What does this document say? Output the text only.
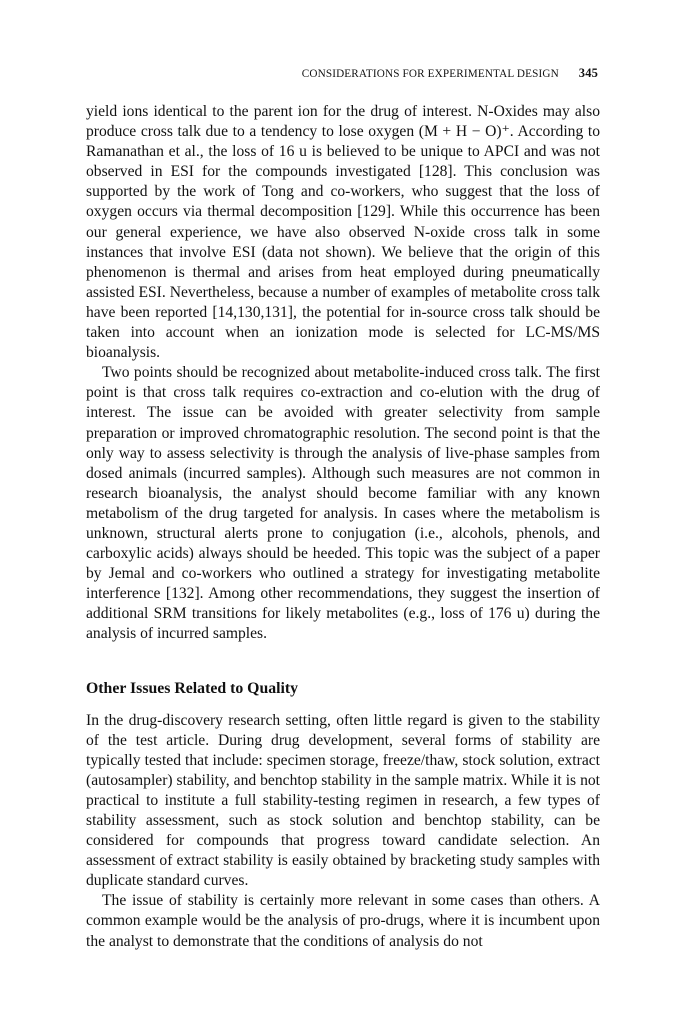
CONSIDERATIONS FOR EXPERIMENTAL DESIGN 345

yield ions identical to the parent ion for the drug of interest. N-Oxides may also produce cross talk due to a tendency to lose oxygen (M + H − O)⁺. According to Ramanathan et al., the loss of 16 u is believed to be unique to APCI and was not observed in ESI for the compounds investigated [128]. This conclusion was supported by the work of Tong and co-workers, who suggest that the loss of oxygen occurs via thermal decomposition [129]. While this occurrence has been our general experience, we have also observed N-oxide cross talk in some instances that involve ESI (data not shown). We believe that the origin of this phenomenon is thermal and arises from heat employed during pneumatically assisted ESI. Nevertheless, because a number of examples of metabolite cross talk have been reported [14,130,131], the potential for in-source cross talk should be taken into account when an ionization mode is selected for LC-MS/MS bioanalysis.

Two points should be recognized about metabolite-induced cross talk. The first point is that cross talk requires co-extraction and co-elution with the drug of interest. The issue can be avoided with greater selectivity from sample preparation or improved chromatographic resolution. The second point is that the only way to assess selectivity is through the analysis of live-phase samples from dosed animals (incurred samples). Although such measures are not common in research bioanalysis, the analyst should become familiar with any known metabolism of the drug targeted for analysis. In cases where the metabolism is unknown, structural alerts prone to conjugation (i.e., alcohols, phenols, and carboxylic acids) always should be heeded. This topic was the subject of a paper by Jemal and co-workers who outlined a strategy for investigating metabolite interference [132]. Among other recommendations, they suggest the insertion of additional SRM transitions for likely metabolites (e.g., loss of 176 u) during the analysis of incurred samples.

Other Issues Related to Quality

In the drug-discovery research setting, often little regard is given to the stability of the test article. During drug development, several forms of stability are typically tested that include: specimen storage, freeze/thaw, stock solution, extract (autosampler) stability, and benchtop stability in the sample matrix. While it is not practical to institute a full stability-testing regimen in research, a few types of stability assessment, such as stock solution and benchtop stability, can be considered for compounds that progress toward candidate selection. An assessment of extract stability is easily obtained by bracketing study samples with duplicate standard curves.

The issue of stability is certainly more relevant in some cases than others. A common example would be the analysis of pro-drugs, where it is incumbent upon the analyst to demonstrate that the conditions of analysis do not
